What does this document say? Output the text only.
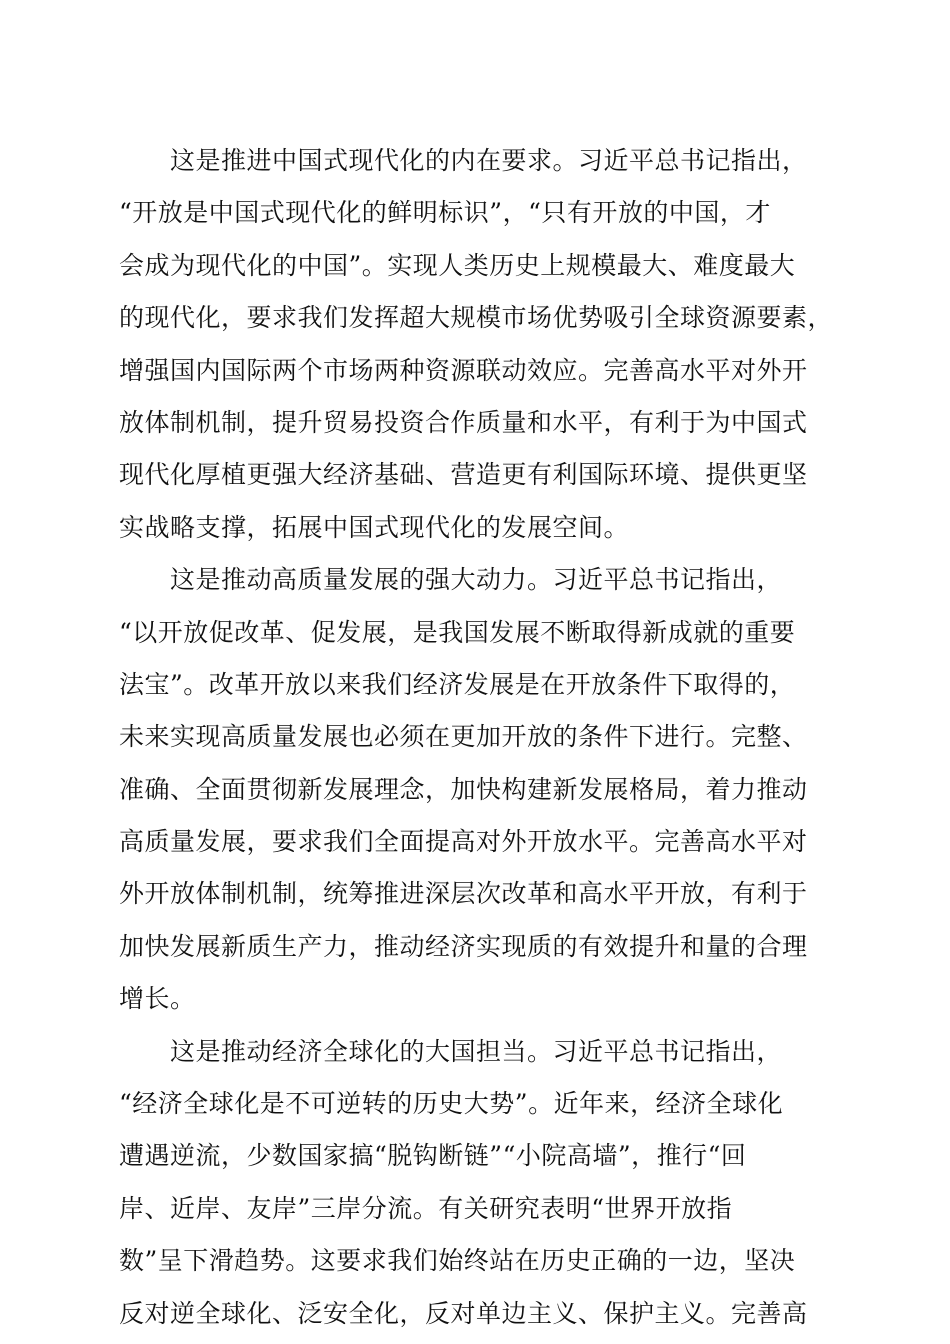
　　这是推进中国式现代化的内在要求。习近平总书记指出，
“开放是中国式现代化的鲜明标识”，“只有开放的中国，才
会成为现代化的中国”。实现人类历史上规模最大、难度最大
的现代化，要求我们发挥超大规模市场优势吸引全球资源要素，
增强国内国际两个市场两种资源联动效应。完善高水平对外开
放体制机制，提升贸易投资合作质量和水平，有利于为中国式
现代化厚植更强大经济基础、营造更有利国际环境、提供更坚
实战略支撑，拓展中国式现代化的发展空间。
　　这是推动高质量发展的强大动力。习近平总书记指出，
“以开放促改革、促发展，是我国发展不断取得新成就的重要
法宝”。改革开放以来我们经济发展是在开放条件下取得的，
未来实现高质量发展也必须在更加开放的条件下进行。完整、
准确、全面贯彻新发展理念，加快构建新发展格局，着力推动
高质量发展，要求我们全面提高对外开放水平。完善高水平对
外开放体制机制，统筹推进深层次改革和高水平开放，有利于
加快发展新质生产力，推动经济实现质的有效提升和量的合理
增长。
　　这是推动经济全球化的大国担当。习近平总书记指出，
“经济全球化是不可逆转的历史大势”。近年来，经济全球化
遭遇逆流，少数国家搞“脱钩断链”“小院高墙”，推行“回
岸、近岸、友岸”三岸分流。有关研究表明“世界开放指
数”呈下滑趋势。这要求我们始终站在历史正确的一边，坚决
反对逆全球化、泛安全化，反对单边主义、保护主义。完善高
